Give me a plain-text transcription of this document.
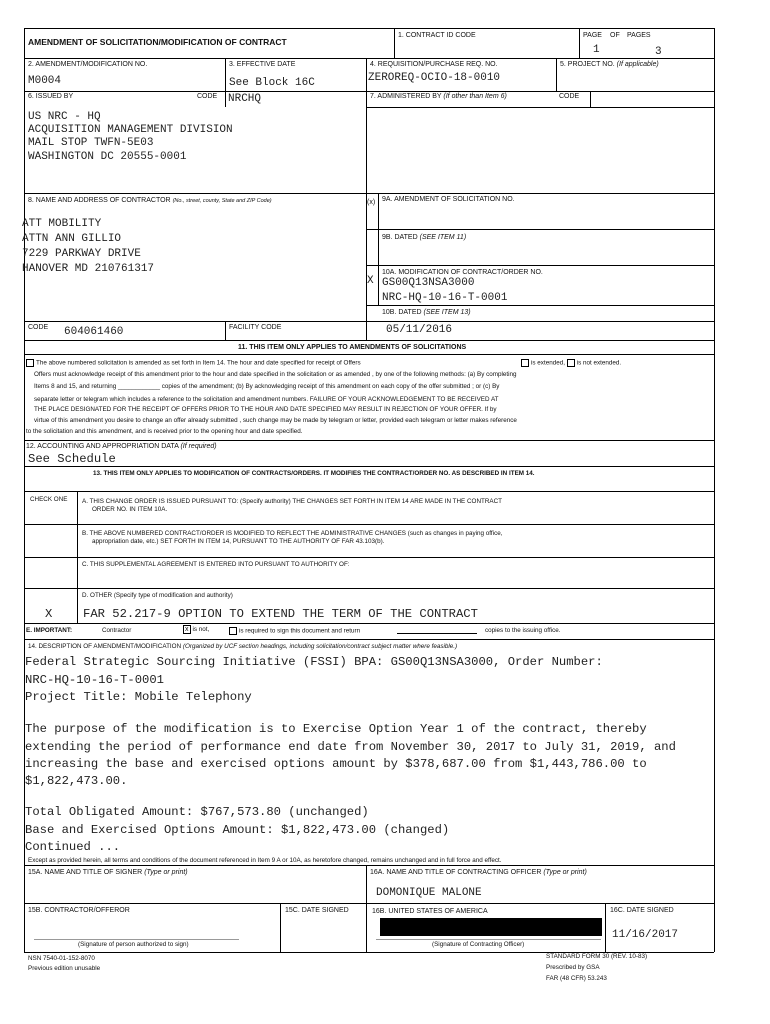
AMENDMENT OF SOLICITATION/MODIFICATION OF CONTRACT
1. CONTRACT ID CODE	PAGE OF PAGES
1	3
2. AMENDMENT/MODIFICATION NO.
M0004
3. EFFECTIVE DATE
See Block 16C
4. REQUISITION/PURCHASE REQ. NO.
ZEROREQ-OCIO-18-0010
5. PROJECT NO. (If applicable)
6. ISSUED BY	CODE NRCHQ	7. ADMINISTERED BY (If other than Item 6)	CODE
US NRC - HQ
ACQUISITION MANAGEMENT DIVISION
MAIL STOP TWFN-5E03
WASHINGTON DC 20555-0001
8. NAME AND ADDRESS OF CONTRACTOR (No., street, county, State and ZIP Code)
ATT MOBILITY
ATTN ANN GILLIO
7229 PARKWAY DRIVE
HANOVER MD 210761317
(x) 9A. AMENDMENT OF SOLICITATION NO.
9B. DATED (SEE ITEM 11)
10A. MODIFICATION OF CONTRACT/ORDER NO.
X GS00Q13NSA3000
NRC-HQ-10-16-T-0001
10B. DATED (SEE ITEM 13)
05/11/2016
CODE 604061460	FACILITY CODE
11. THIS ITEM ONLY APPLIES TO AMENDMENTS OF SOLICITATIONS
The above numbered solicitation is amended as set forth in Item 14. The hour and date specified for receipt of Offers	is extended, is not extended.
Offers must acknowledge receipt of this amendment prior to the hour and date specified in the solicitation or as amended , by one of the following methods: (a) By completing
Items 8 and 15, and returning ____________ copies of the amendment; (b) By acknowledging receipt of this amendment on each copy of the offer submitted ; or (c) By
separate letter or telegram which includes a reference to the solicitation and amendment numbers. FAILURE OF YOUR ACKNOWLEDGEMENT TO BE RECEIVED AT
THE PLACE DESIGNATED FOR THE RECEIPT OF OFFERS PRIOR TO THE HOUR AND DATE SPECIFIED MAY RESULT IN REJECTION OF YOUR OFFER. If by
virtue of this amendment you desire to change an offer already submitted , such change may be made by telegram or letter, provided each telegram or letter makes reference
to the solicitation and this amendment, and is received prior to the opening hour and date specified.
12. ACCOUNTING AND APPROPRIATION DATA (If required)
See Schedule
13. THIS ITEM ONLY APPLIES TO MODIFICATION OF CONTRACTS/ORDERS. IT MODIFIES THE CONTRACT/ORDER NO. AS DESCRIBED IN ITEM 14.
CHECK ONE A. THIS CHANGE ORDER IS ISSUED PURSUANT TO: (Specify authority) THE CHANGES SET FORTH IN ITEM 14 ARE MADE IN THE CONTRACT
ORDER NO. IN ITEM 10A.
B. THE ABOVE NUMBERED CONTRACT/ORDER IS MODIFIED TO REFLECT THE ADMINISTRATIVE CHANGES (such as changes in paying office,
appropriation date, etc.) SET FORTH IN ITEM 14, PURSUANT TO THE AUTHORITY OF FAR 43.103(b).
C. THIS SUPPLEMENTAL AGREEMENT IS ENTERED INTO PURSUANT TO AUTHORITY OF:
D. OTHER (Specify type of modification and authority)
X	FAR 52.217-9 OPTION TO EXTEND THE TERM OF THE CONTRACT
E. IMPORTANT:	Contractor	x is not,	is required to sign this document and return	copies to the issuing office.
14. DESCRIPTION OF AMENDMENT/MODIFICATION (Organized by UCF section headings, including solicitation/contract subject matter where feasible.)
Federal Strategic Sourcing Initiative (FSSI) BPA: GS00Q13NSA3000, Order Number:
NRC-HQ-10-16-T-0001
Project Title: Mobile Telephony
The purpose of the modification is to Exercise Option Year 1 of the contract, thereby
extending the period of performance end date from November 30, 2017 to July 31, 2019, and
increasing the base and exercised options amount by $378,687.00 from $1,443,786.00 to
$1,822,473.00.
Total Obligated Amount: $767,573.80 (unchanged)
Base and Exercised Options Amount: $1,822,473.00 (changed)
Continued ...
Except as provided herein, all terms and conditions of the document referenced in Item 9 A or 10A, as heretofore changed, remains unchanged and in full force and effect.
15A. NAME AND TITLE OF SIGNER (Type or print)	16A. NAME AND TITLE OF CONTRACTING OFFICER (Type or print)
DOMONIQUE MALONE
15B. CONTRACTOR/OFFEROR	15C. DATE SIGNED	16B. UNITED STATES OF AMERICA	16C. DATE SIGNED
11/16/2017
(Signature of person authorized to sign)	(Signature of Contracting Officer)
NSN 7540-01-152-8070
Previous edition unusable
STANDARD FORM 30 (REV. 10-83)
Prescribed by GSA
FAR (48 CFR) 53.243
